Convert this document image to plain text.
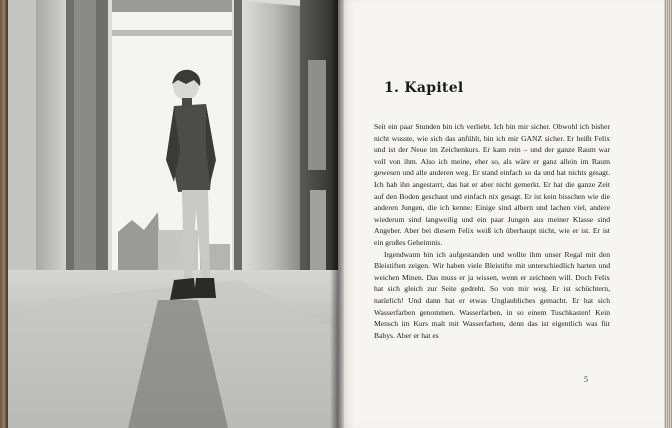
1. Kapitel

Seit ein paar Stunden bin ich verliebt. Ich bin mir sicher. Obwohl ich bisher nicht wusste, wie sich das anfühlt, bin ich mir GANZ sicher. Er heißt Felix und ist der Neue im Zeichenkurs. Er kam rein – und der ganze Raum war voll von ihm. Also ich meine, eher so, als wäre er ganz allein im Raum gewesen und alle anderen weg. Er stand einfach so da und hat nichts gesagt. Ich hab ihn angestarrt, das hat er aber nicht gemerkt. Er hat die ganze Zeit auf den Boden geschaut und einfach nix gesagt. Er ist kein bisschen wie die anderen Jungen, die ich kenne: Einige sind albern und lachen viel, andere wiederum sind langweilig und ein paar Jungen aus meiner Klasse sind Angeber. Aber bei diesem Felix weiß ich überhaupt nicht, wie er ist. Er ist ein großes Geheimnis.

Irgendwann bin ich aufgestanden und wollte ihm unser Regal mit den Bleistiften zeigen. Wir haben viele Bleistifte mit unterschiedlich harten und weichen Minen. Das muss er ja wissen, wenn er zeichnen will. Doch Felix hat sich gleich zur Seite gedreht. So von mir weg. Er ist schüchtern, natürlich! Und dann hat er etwas Unglaubliches gemacht. Er hat sich Wasserfarben genommen. Wasserfarben, in so einem Tuschkasten! Kein Mensch im Kurs malt mit Wasserfarben, denn das ist eigentlich was für Babys. Aber er hat es

5
